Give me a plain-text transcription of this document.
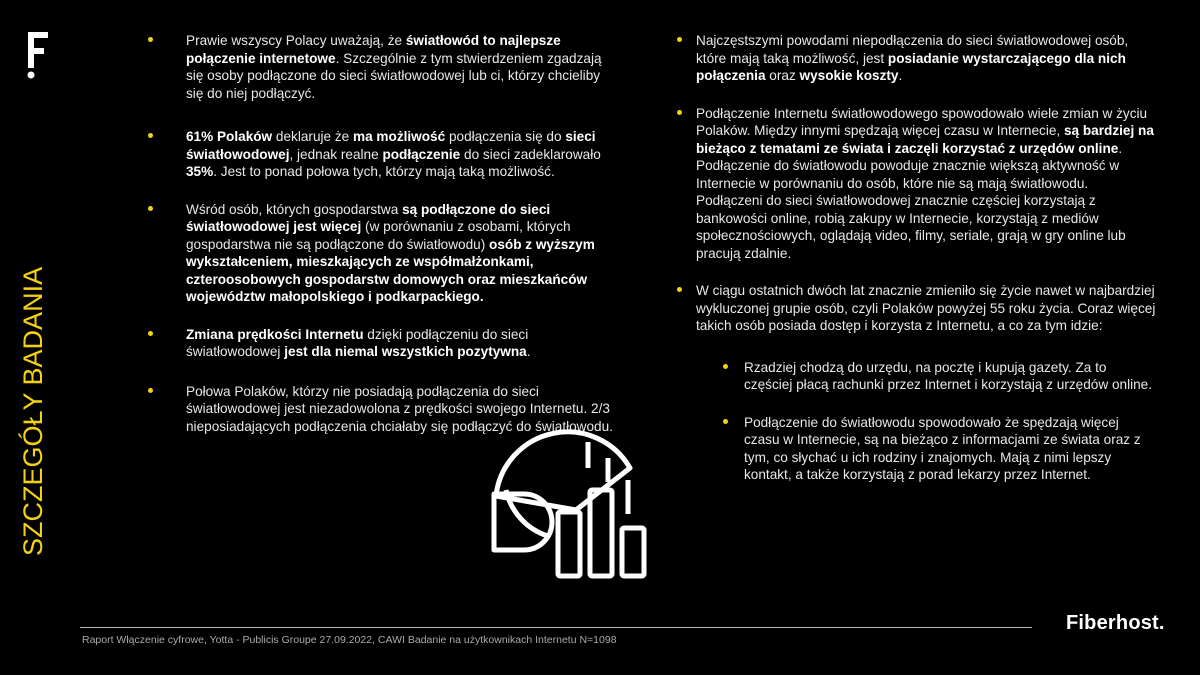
SZCZEGÓŁY BADANIA
Prawie wszyscy Polacy uważają, że światłowód to najlepsze połączenie internetowe. Szczególnie z tym stwierdzeniem zgadzają się osoby podłączone do sieci światłowodowej lub ci, którzy chcieliby się do niej podłączyć.
61% Polaków deklaruje że ma możliwość podłączenia się do sieci światłowodowej, jednak realne podłączenie do sieci zadeklarowało 35%. Jest to ponad połowa tych, którzy mają taką możliwość.
Wśród osób, których gospodarstwa są podłączone do sieci światłowodowej jest więcej (w porównaniu z osobami, których gospodarstwa nie są podłączone do światłowodu) osób z wyższym wykształceniem, mieszkających ze współmałżonkami, czteroosobowych gospodarstw domowych oraz mieszkańców województw małopolskiego i podkarpackiego.
Zmiana prędkości Internetu dzięki podłączeniu do sieci światłowodowej jest dla niemal wszystkich pozytywna.
Połowa Polaków, którzy nie posiadają podłączenia do sieci światłowodowej jest niezadowolona z prędkości swojego Internetu. 2/3 nieposiadających podłączenia chciałaby się podłączyć do światłowodu.
Najczęstszymi powodami niepodłączenia do sieci światłowodowej osób, które mają taką możliwość, jest posiadanie wystarczającego dla nich połączenia oraz wysokie koszty.
Podłączenie Internetu światłowodowego spowodowało wiele zmian w życiu Polaków. Między innymi spędzają więcej czasu w Internecie, są bardziej na bieżąco z tematami ze świata i zaczęli korzystać z urzędów online. Podłączenie do światłowodu powoduje znacznie większą aktywność w Internecie w porównaniu do osób, które nie są mają światłowodu. Podłączeni do sieci światłowodowej znacznie częściej korzystają z bankowości online, robią zakupy w Internecie, korzystają z mediów społecznościowych, oglądają video, filmy, seriale, grają w gry online lub pracują zdalnie.
W ciągu ostatnich dwóch lat znacznie zmieniło się życie nawet w najbardziej wykluczonej grupie osób, czyli Polaków powyżej 55 roku życia. Coraz więcej takich osób posiada dostęp i korzysta z Internetu, a co za tym idzie:
Rzadziej chodzą do urzędu, na pocztę i kupują gazety. Za to częściej płacą rachunki przez Internet i korzystają z urzędów online.
Podłączenie do światłowodu spowodowało że spędzają więcej czasu w Internecie, są na bieżąco z informacjami ze świata oraz z tym, co słychać u ich rodziny i znajomych. Mają z nimi lepszy kontakt, a także korzystają z porad lekarzy przez Internet.
Raport Włączenie cyfrowe, Yotta - Publicis Groupe 27.09.2022, CAWI Badanie na użytkownikach Internetu N=1098
Fiberhost.
